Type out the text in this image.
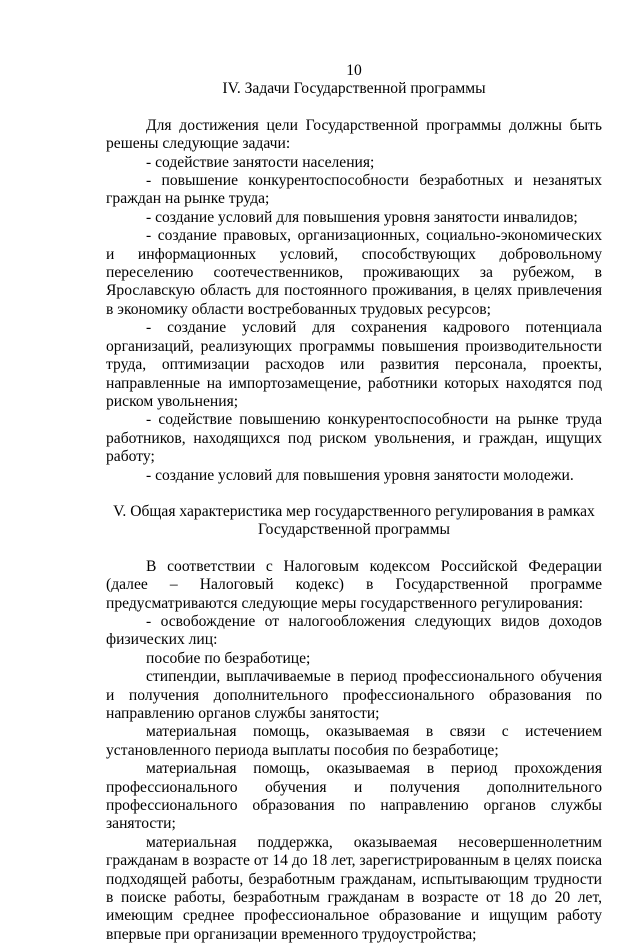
10

IV. Задачи Государственной программы

Для достижения цели Государственной программы должны быть решены следующие задачи:

- содействие занятости населения;

- повышение конкурентоспособности безработных и незанятых граждан на рынке труда;

- создание условий для повышения уровня занятости инвалидов;

- создание правовых, организационных, социально-экономических и информационных условий, способствующих добровольному переселению соотечественников, проживающих за рубежом, в Ярославскую область для постоянного проживания, в целях привлечения в экономику области востребованных трудовых ресурсов;

- создание условий для сохранения кадрового потенциала организаций, реализующих программы повышения производительности труда, оптимизации расходов или развития персонала, проекты, направленные на импортозамещение, работники которых находятся под риском увольнения;

- содействие повышению конкурентоспособности на рынке труда работников, находящихся под риском увольнения, и граждан, ищущих работу;

- создание условий для повышения уровня занятости молодежи.

V. Общая характеристика мер государственного регулирования в рамках Государственной программы

В соответствии с Налоговым кодексом Российской Федерации (далее – Налоговый кодекс) в Государственной программе предусматриваются следующие меры государственного регулирования:

- освобождение от налогообложения следующих видов доходов физических лиц:

пособие по безработице;

стипендии, выплачиваемые в период профессионального обучения и получения дополнительного профессионального образования по направлению органов службы занятости;

материальная помощь, оказываемая в связи с истечением установленного периода выплаты пособия по безработице;

материальная помощь, оказываемая в период прохождения профессионального обучения и получения дополнительного профессионального образования по направлению органов службы занятости;

материальная поддержка, оказываемая несовершеннолетним гражданам в возрасте от 14 до 18 лет, зарегистрированным в целях поиска подходящей работы, безработным гражданам, испытывающим трудности в поиске работы, безработным гражданам в возрасте от 18 до 20 лет, имеющим среднее профессиональное образование и ищущим работу впервые при организации временного трудоустройства;
